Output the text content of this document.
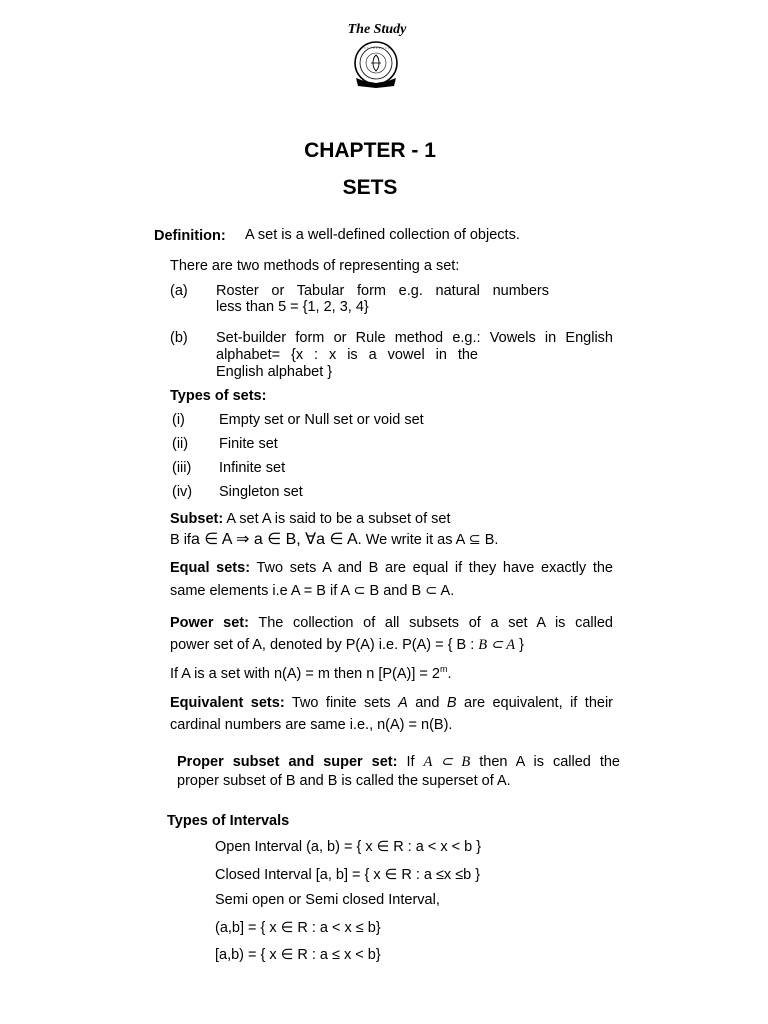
The Study
CHAPTER - 1
SETS
Definition: A set is a well-defined collection of objects.
There are two methods of representing a set:
(a) Roster or Tabular form e.g. natural numbers
less than 5 = {1, 2, 3, 4}
(b) Set-builder form or Rule method e.g.: Vowels in English
alphabet= {x : x is a vowel in the
English alphabet }
Types of sets:
(i) Empty set or Null set or void set
(ii) Finite set
(iii) Infinite set
(iv) Singleton set
Subset: A set A is said to be a subset of set
B ifa ∈ A ⇒ a ∈ B, ∀a ∈ A. We write it as A ⊆ B.
Equal sets: Two sets A and B are equal if they have exactly the
same elements i.e A = B if A ⊂ B and B ⊂ A.
Power set: The collection of all subsets of a set A is called
power set of A, denoted by P(A) i.e. P(A) = { B : B ⊂ A }
If A is a set with n(A) = m then n $[P(A)] = 2^m$.
Equivalent sets: Two finite sets A and B are equivalent, if their
cardinal numbers are same i.e., n(A) = n(B).
Proper subset and super set: If A ⊂ B then A is called the
proper subset of B and B is called the superset of A.
Types of Intervals
Open Interval (a, b) = { x ∈ R : a < x < b }
Closed Interval [a, b] = { x ∈ R : a ≤x ≤b }
Semi open or Semi closed Interval,
(a,b] = { x ∈ R : a < x ≤ b}
[a,b) = { x ∈ R : a ≤ x < b}
